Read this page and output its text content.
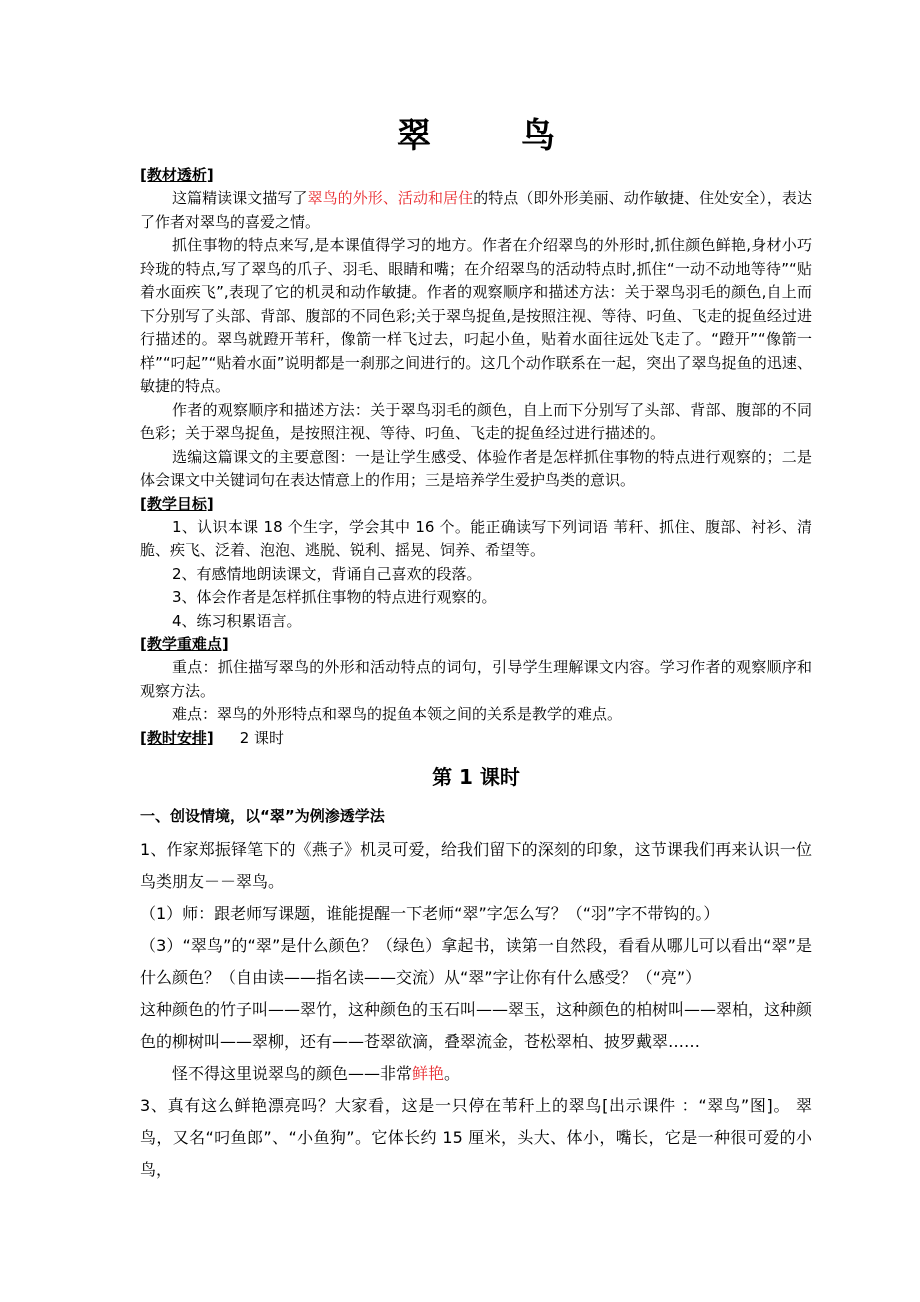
翠　鸟
[教材透析]

这篇精读课文描写了翠鸟的外形、活动和居住的特点（即外形美丽、动作敏捷、住处安全），表达了作者对翠鸟的喜爱之情。

抓住事物的特点来写,是本课值得学习的地方。作者在介绍翠鸟的外形时,抓住颜色鲜艳,身材小巧玲珑的特点,写了翠鸟的爪子、羽毛、眼睛和嘴；在介绍翠鸟的活动特点时,抓住“一动不动地等待”“贴着水面疾飞”,表现了它的机灵和动作敏捷。作者的观察顺序和描述方法：关于翠鸟羽毛的颜色,自上而下分别写了头部、背部、腹部的不同色彩;关于翠鸟捉鱼,是按照注视、等待、叼鱼、飞走的捉鱼经过进行描述的。翠鸟就蹬开苇秆，像箭一样飞过去，叼起小鱼，贴着水面往远处飞走了。“蹬开”“像箭一样”“叼起”“贴着水面”说明都是一刹那之间进行的。这几个动作联系在一起，突出了翠鸟捉鱼的迅速、敏捷的特点。

作者的观察顺序和描述方法：关于翠鸟羽毛的颜色，自上而下分别写了头部、背部、腹部的不同色彩；关于翠鸟捉鱼，是按照注视、等待、叼鱼、飞走的捉鱼经过进行描述的。

选编这篇课文的主要意图：一是让学生感受、体验作者是怎样抓住事物的特点进行观察的；二是体会课文中关键词句在表达情意上的作用；三是培养学生爱护鸟类的意识。

[教学目标]

1、认识本课 18 个生字，学会其中 16 个。能正确读写下列词语 苇秆、抓住、腹部、衬衫、清脆、疾飞、泛着、泡泡、逃脱、锐利、摇晃、饲养、希望等。

2、有感情地朗读课文，背诵自己喜欢的段落。

3、体会作者是怎样抓住事物的特点进行观察的。

4、练习积累语言。

[教学重难点]

重点：抓住描写翠鸟的外形和活动特点的词句，引导学生理解课文内容。学习作者的观察顺序和观察方法。

难点：翠鸟的外形特点和翠鸟的捉鱼本领之间的关系是教学的难点。

[教时安排] 2 课时
第 1 课时
一、创设情境，以“翠”为例渗透学法

1、作家郑振铎笔下的《燕子》机灵可爱，给我们留下的深刻的印象，这节课我们再来认识一位鸟类朋友－－翠鸟。

（1）师：跟老师写课题，谁能提醒一下老师“翠”字怎么写？（“羽”字不带钩的。）

（3）“翠鸟”的“翠”是什么颜色？（绿色）拿起书，读第一自然段，看看从哪儿可以看出“翠”是什么颜色？（自由读——指名读——交流）从“翠”字让你有什么感受？（“亮”）

这种颜色的竹子叫——翠竹，这种颜色的玉石叫——翠玉，这种颜色的柏树叫——翠柏，这种颜色的柳树叫——翠柳，还有——苍翠欲滴，叠翠流金，苍松翠柏、披罗戴翠……

怪不得这里说翠鸟的颜色——非常鲜艳。

3、真有这么鲜艳漂亮吗？大家看，这是一只停在苇秆上的翠鸟[出示课件 ：“翠鸟”图]。 翠鸟，又名“叼鱼郎”、“小鱼狗”。它体长约 15 厘米，头大、体小，嘴长，它是一种很可爱的小鸟，
